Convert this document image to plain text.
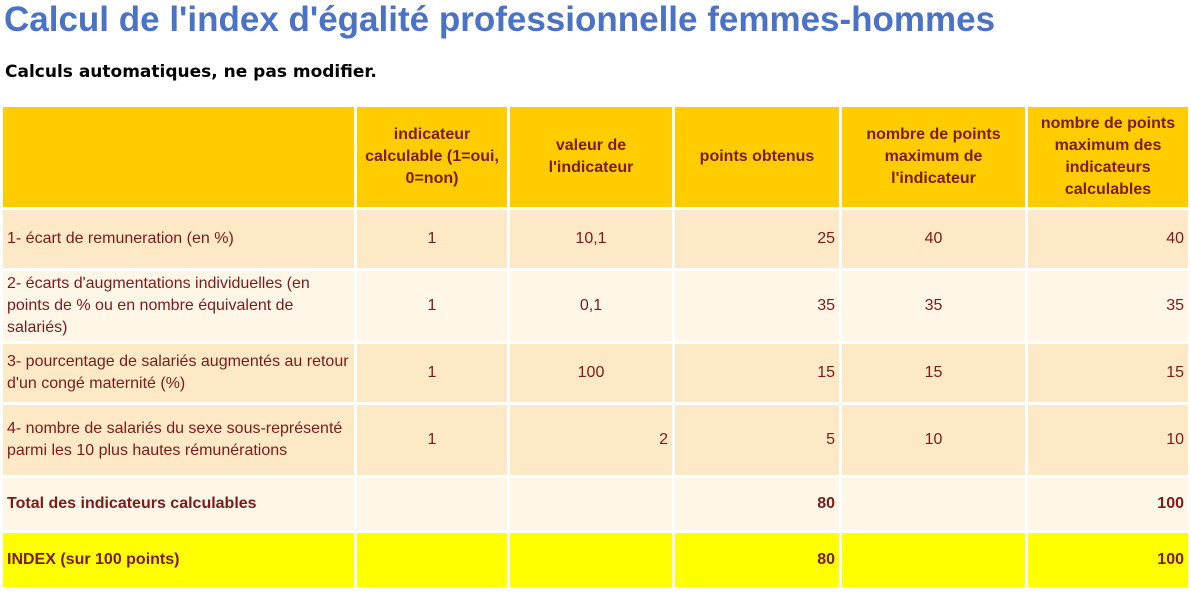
Calcul de l'index d'égalité professionnelle femmes-hommes

Calculs automatiques, ne pas modifier.

	indicateur calculable (1=oui, 0=non)	valeur de l'indicateur	points obtenus	nombre de points maximum de l'indicateur	nombre de points maximum des indicateurs calculables
1- écart de remuneration (en %)	1	10,1	25	40	40
2- écarts d'augmentations individuelles (en points de % ou en nombre équivalent de salariés)	1	0,1	35	35	35
3- pourcentage de salariés augmentés au retour d'un congé maternité (%)	1	100	15	15	15
4- nombre de salariés du sexe sous-représenté parmi les 10 plus hautes rémunérations	1	2	5	10	10
Total des indicateurs calculables			80		100
INDEX (sur 100 points)			80		100
